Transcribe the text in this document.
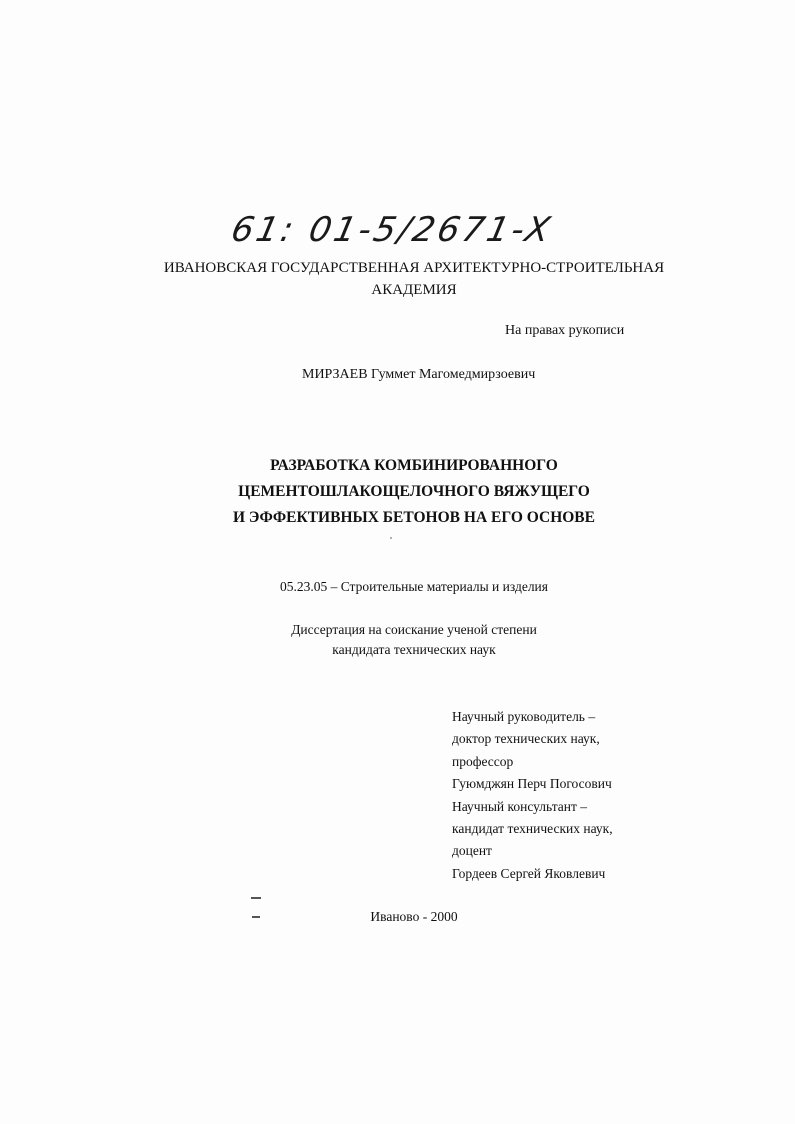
61: 01-5/2671-X
ИВАНОВСКАЯ ГОСУДАРСТВЕННАЯ АРХИТЕКТУРНО-СТРОИТЕЛЬНАЯ
АКАДЕМИЯ
На правах рукописи
МИРЗАЕВ Гуммет Магомедмирзоевич
РАЗРАБОТКА КОМБИНИРОВАННОГО
ЦЕМЕНТОШЛАКОЩЕЛОЧНОГО ВЯЖУЩЕГО
И ЭФФЕКТИВНЫХ БЕТОНОВ НА ЕГО ОСНОВЕ
05.23.05 – Строительные материалы и изделия
Диссертация на соискание ученой степени
кандидата технических наук
Научный руководитель –
доктор технических наук,
профессор
Гуюмджян Перч Погосович
Научный консультант –
кандидат технических наук,
доцент
Гордеев Сергей Яковлевич
Иваново - 2000
